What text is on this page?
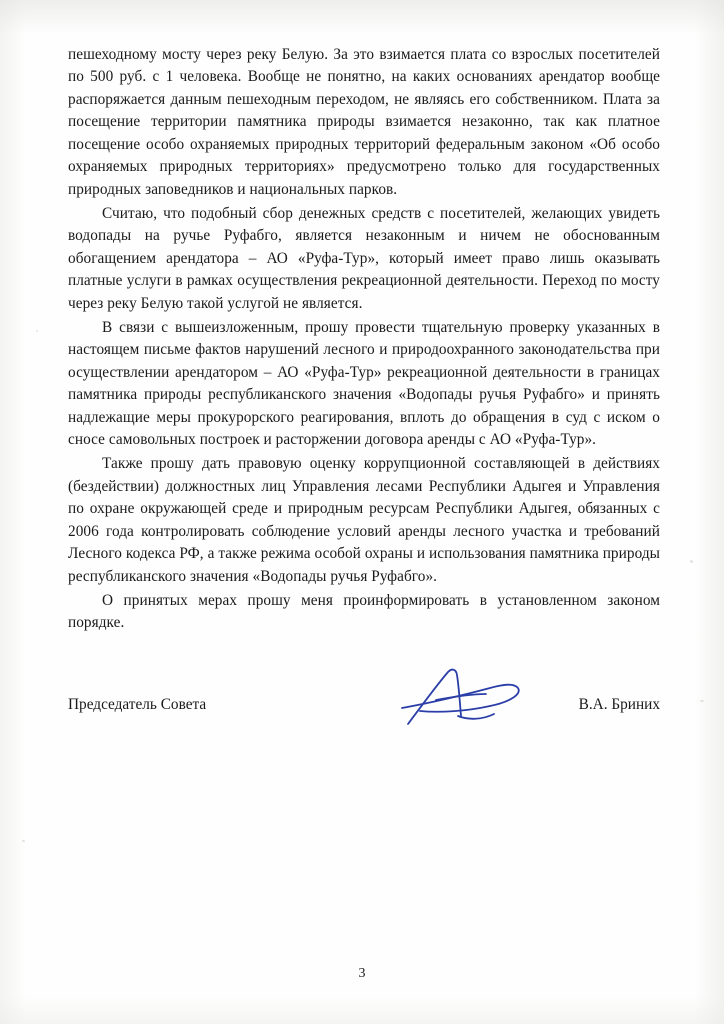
пешеходному мосту через реку Белую. За это взимается плата со взрослых посетителей по 500 руб. с 1 человека. Вообще не понятно, на каких основаниях арендатор вообще распоряжается данным пешеходным переходом, не являясь его собственником. Плата за посещение территории памятника природы взимается незаконно, так как платное посещение особо охраняемых природных территорий федеральным законом «Об особо охраняемых природных территориях» предусмотрено только для государственных природных заповедников и национальных парков.

Считаю, что подобный сбор денежных средств с посетителей, желающих увидеть водопады на ручье Руфабго, является незаконным и ничем не обоснованным обогащением арендатора – АО «Руфа-Тур», который имеет право лишь оказывать платные услуги в рамках осуществления рекреационной деятельности. Переход по мосту через реку Белую такой услугой не является.

В связи с вышеизложенным, прошу провести тщательную проверку указанных в настоящем письме фактов нарушений лесного и природоохранного законодательства при осуществлении арендатором – АО «Руфа-Тур» рекреационной деятельности в границах памятника природы республиканского значения «Водопады ручья Руфабго» и принять надлежащие меры прокурорского реагирования, вплоть до обращения в суд с иском о сносе самовольных построек и расторжении договора аренды с АО «Руфа-Тур».

Также прошу дать правовую оценку коррупционной составляющей в действиях (бездействии) должностных лиц Управления лесами Республики Адыгея и Управления по охране окружающей среде и природным ресурсам Республики Адыгея, обязанных с 2006 года контролировать соблюдение условий аренды лесного участка и требований Лесного кодекса РФ, а также режима особой охраны и использования памятника природы республиканского значения «Водопады ручья Руфабго».

О принятых мерах прошу меня проинформировать в установленном законом порядке.

Председатель Совета	В.А. Бриних
3
